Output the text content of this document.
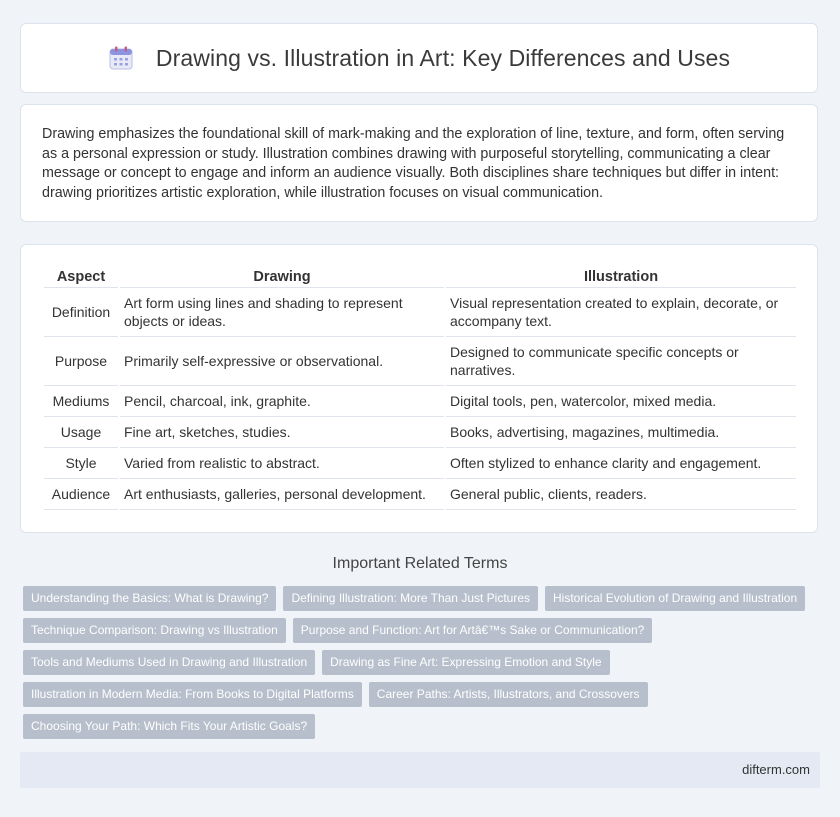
Drawing vs. Illustration in Art: Key Differences and Uses

Drawing emphasizes the foundational skill of mark-making and the exploration of line, texture, and form, often serving as a personal expression or study. Illustration combines drawing with purposeful storytelling, communicating a clear message or concept to engage and inform an audience visually. Both disciplines share techniques but differ in intent: drawing prioritizes artistic exploration, while illustration focuses on visual communication.

Aspect	Drawing	Illustration
Definition	Art form using lines and shading to represent objects or ideas.	Visual representation created to explain, decorate, or accompany text.
Purpose	Primarily self-expressive or observational.	Designed to communicate specific concepts or narratives.
Mediums	Pencil, charcoal, ink, graphite.	Digital tools, pen, watercolor, mixed media.
Usage	Fine art, sketches, studies.	Books, advertising, magazines, multimedia.
Style	Varied from realistic to abstract.	Often stylized to enhance clarity and engagement.
Audience	Art enthusiasts, galleries, personal development.	General public, clients, readers.
Important Related Terms
Understanding the Basics: What is Drawing?	Defining Illustration: More Than Just Pictures	Historical Evolution of Drawing and Illustration
Technique Comparison: Drawing vs Illustration	Purpose and Function: Art for Artâ€™s Sake or Communication?
Tools and Mediums Used in Drawing and Illustration	Drawing as Fine Art: Expressing Emotion and Style
Illustration in Modern Media: From Books to Digital Platforms	Career Paths: Artists, Illustrators, and Crossovers
Choosing Your Path: Which Fits Your Artistic Goals?
difterm.com
